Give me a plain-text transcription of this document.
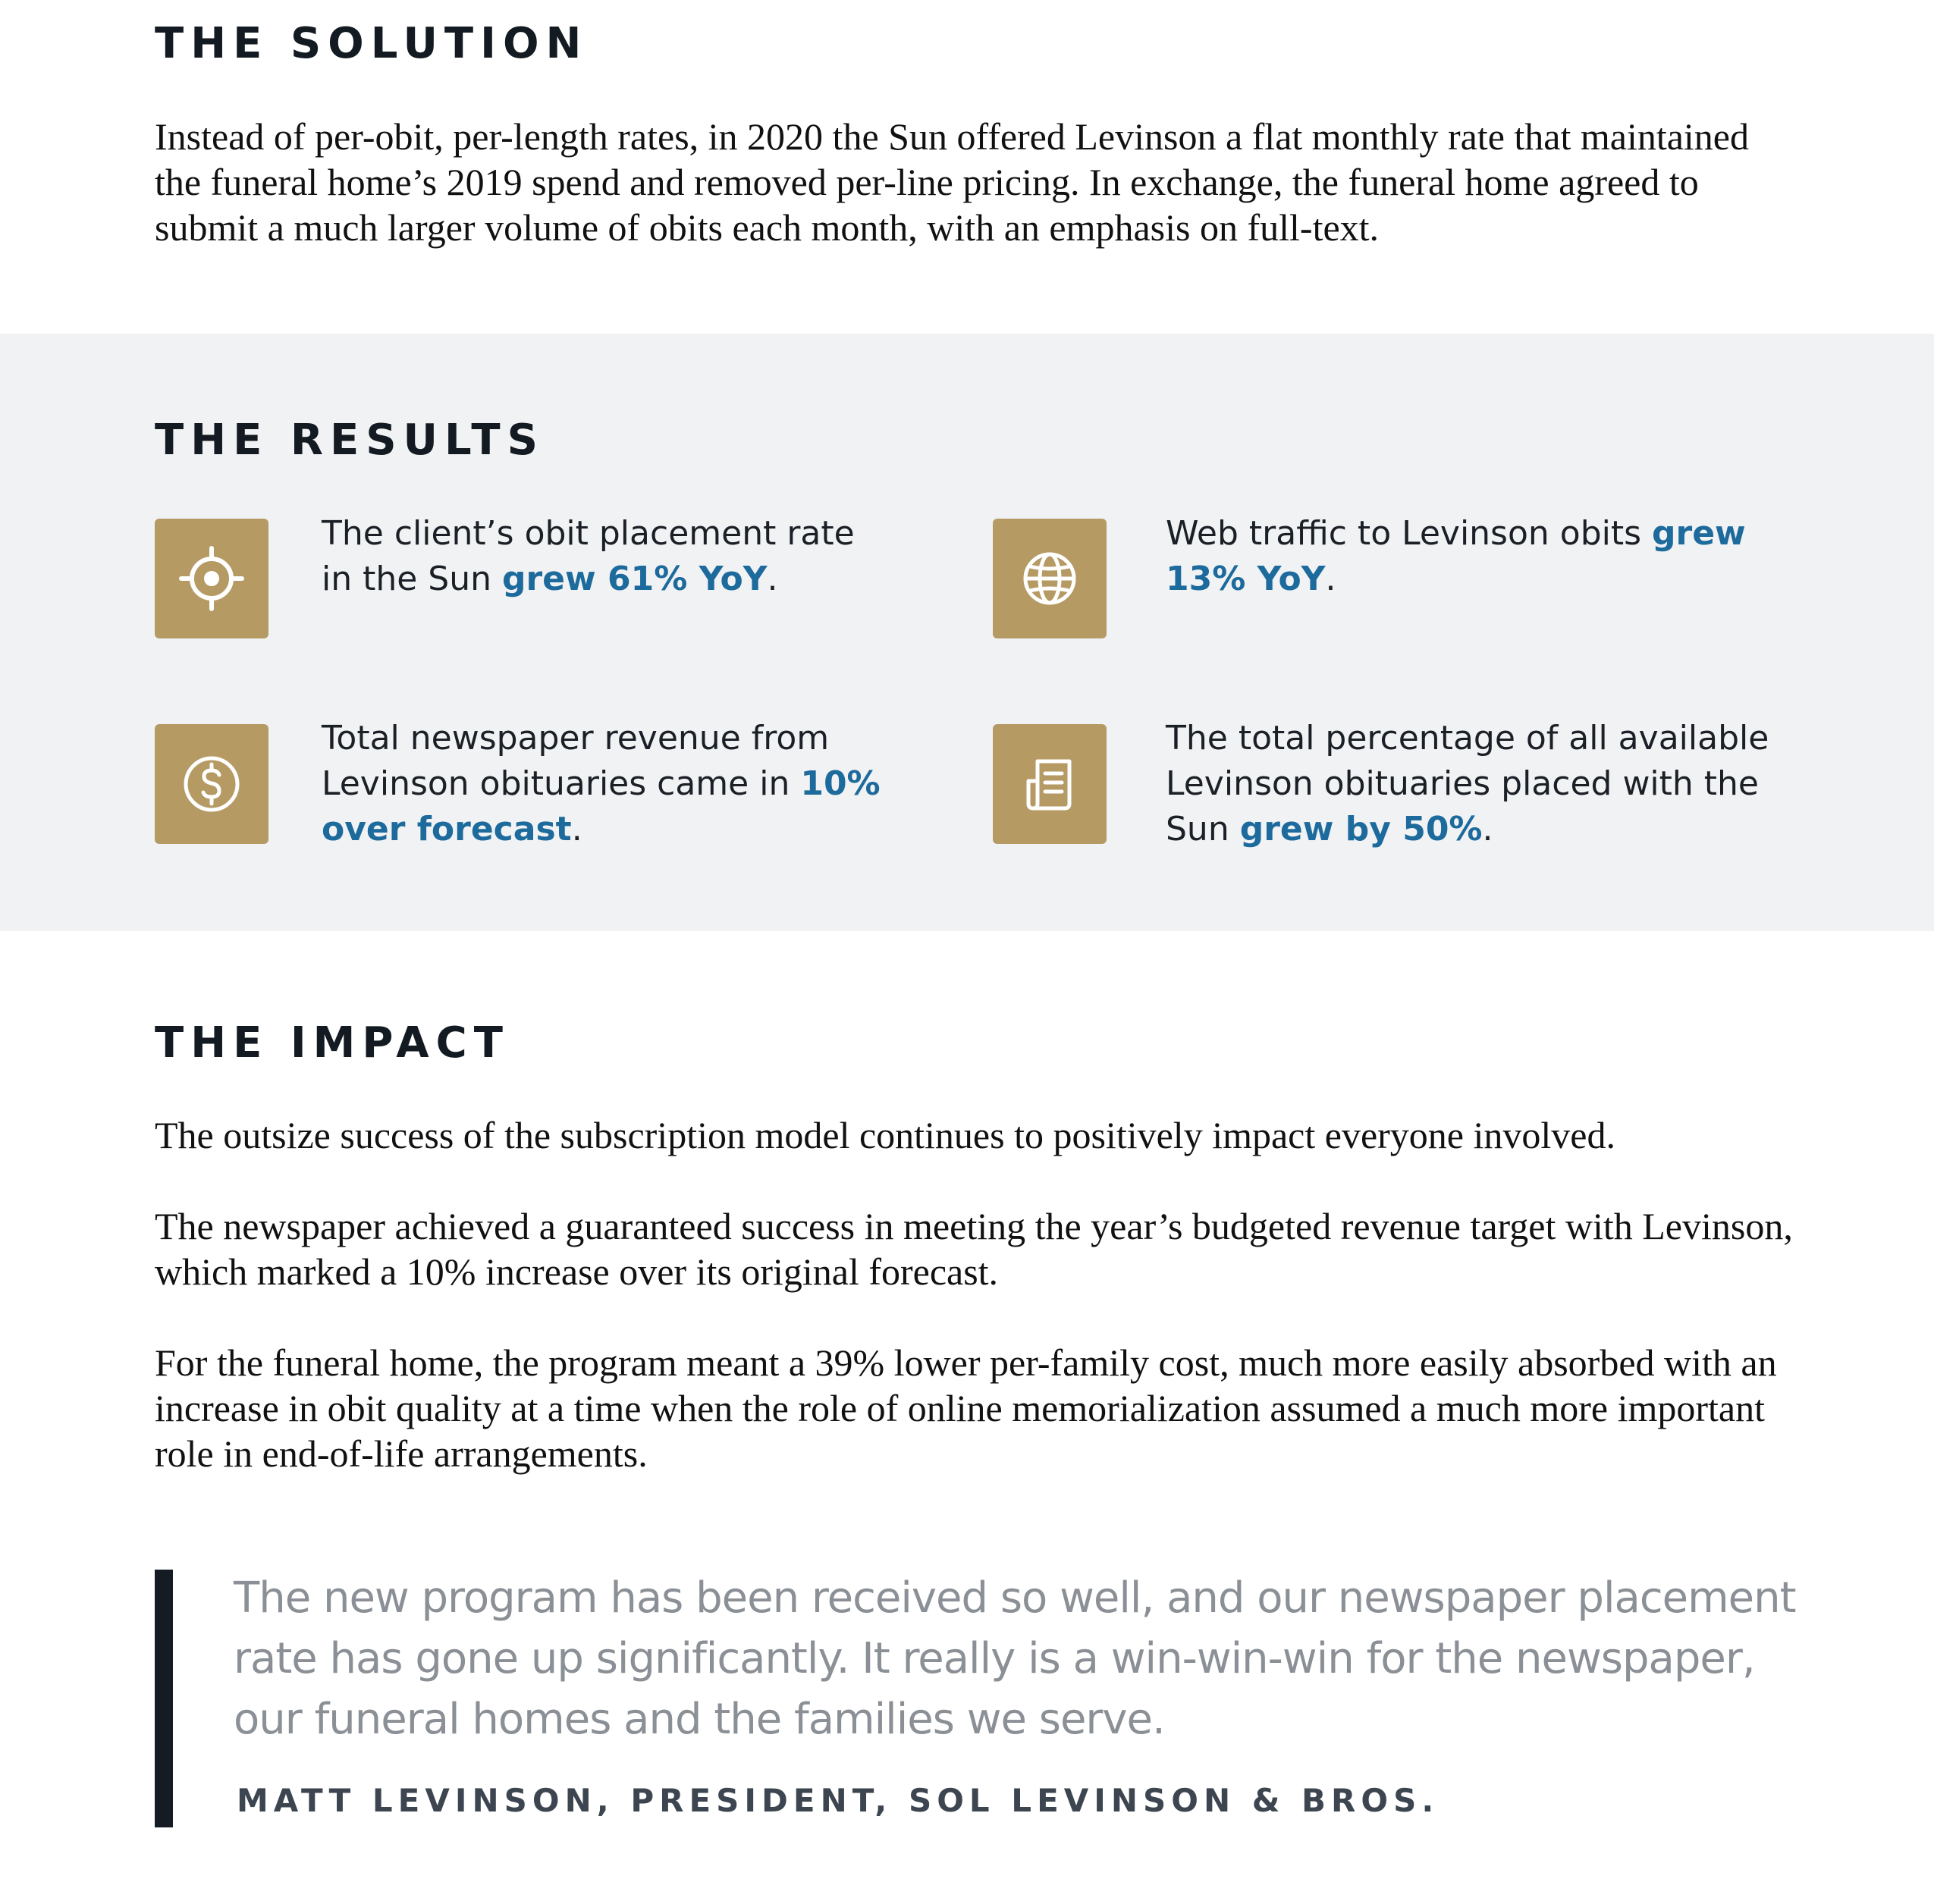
THE SOLUTION

Instead of per-obit, per-length rates, in 2020 the Sun offered Levinson a flat monthly rate that maintained the funeral home’s 2019 spend and removed per-line pricing. In exchange, the funeral home agreed to submit a much larger volume of obits each month, with an emphasis on full-text.

THE RESULTS

The client’s obit placement rate in the Sun grew 61% YoY.

Web traffic to Levinson obits grew 13% YoY.

Total newspaper revenue from Levinson obituaries came in 10% over forecast.

The total percentage of all available Levinson obituaries placed with the Sun grew by 50%.

THE IMPACT

The outsize success of the subscription model continues to positively impact everyone involved.

The newspaper achieved a guaranteed success in meeting the year’s budgeted revenue target with Levinson, which marked a 10% increase over its original forecast.

For the funeral home, the program meant a 39% lower per-family cost, much more easily absorbed with an increase in obit quality at a time when the role of online memorialization assumed a much more important role in end-of-life arrangements.

The new program has been received so well, and our newspaper placement rate has gone up significantly. It really is a win-win-win for the newspaper, our funeral homes and the families we serve.

MATT LEVINSON, PRESIDENT, SOL LEVINSON & BROS.
